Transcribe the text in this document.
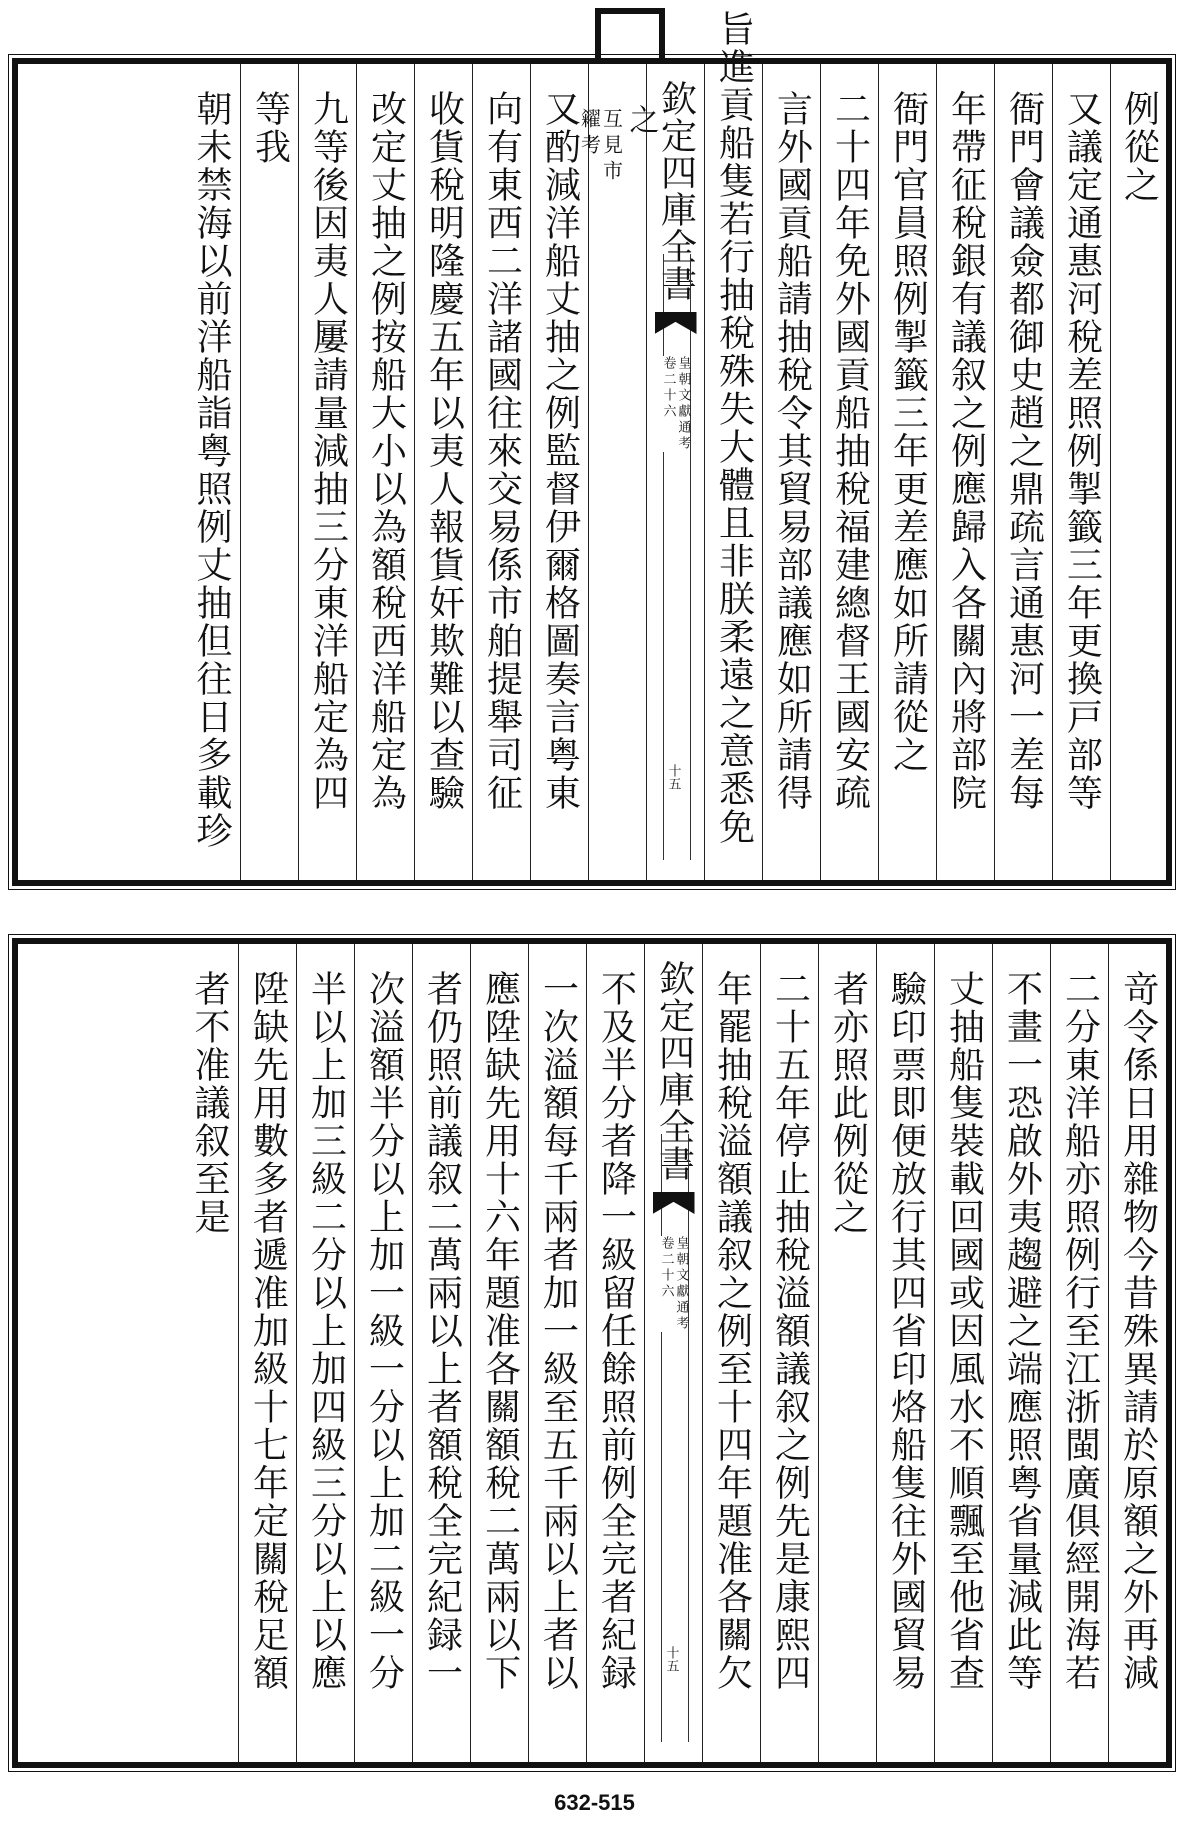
例從之
又議定通惠河稅差照例掣籤三年更換戸部等
衙門會議僉都御史趙之鼎疏言通惠河一差每
年帶征稅銀有議叙之例應歸入各關內將部院
衙門官員照例掣籤三年更差應如所請從之
二十四年免外國貢船抽稅福建總督王國安疏
言外國貢船請抽稅令其貿易部議應如所請得
旨進貢船隻若行抽稅殊失大體且非朕柔遠之意悉免
欽定四庫全書
皇朝文獻通考
卷二十六
十五
之
互見市
糴考
又酌減洋船丈抽之例監督伊爾格圖奏言粤東
向有東西二洋諸國往來交易係市舶提舉司征
收貨稅明隆慶五年以夷人報貨奸欺難以查驗
改定丈抽之例按船大小以為額稅西洋船定為
九等後因夷人屢請量減抽三分東洋船定為四
等我
朝未禁海以前洋船詣粤照例丈抽但往日多載珍
竒令係日用雜物今昔殊異請於原額之外再減
二分東洋船亦照例行至江浙閩廣俱經開海若
不畫一恐啟外夷趨避之端應照粤省量減此等
丈抽船隻裝載回國或因風水不順飄至他省查
驗印票即便放行其四省印烙船隻往外國貿易
者亦照此例從之
二十五年停止抽稅溢額議叙之例先是康熙四
年罷抽稅溢額議叙之例至十四年題准各關欠
欽定四庫全書
皇朝文獻通考
卷二十六
十五
不及半分者降一級留任餘照前例全完者紀録
一次溢額每千兩者加一級至五千兩以上者以
應陞缺先用十六年題准各關額稅二萬兩以下
者仍照前議叙二萬兩以上者額稅全完紀録一
次溢額半分以上加一級一分以上加二級一分
半以上加三級二分以上加四級三分以上以應
陞缺先用數多者遞准加級十七年定關稅足額
者不准議叙至是
632-515
